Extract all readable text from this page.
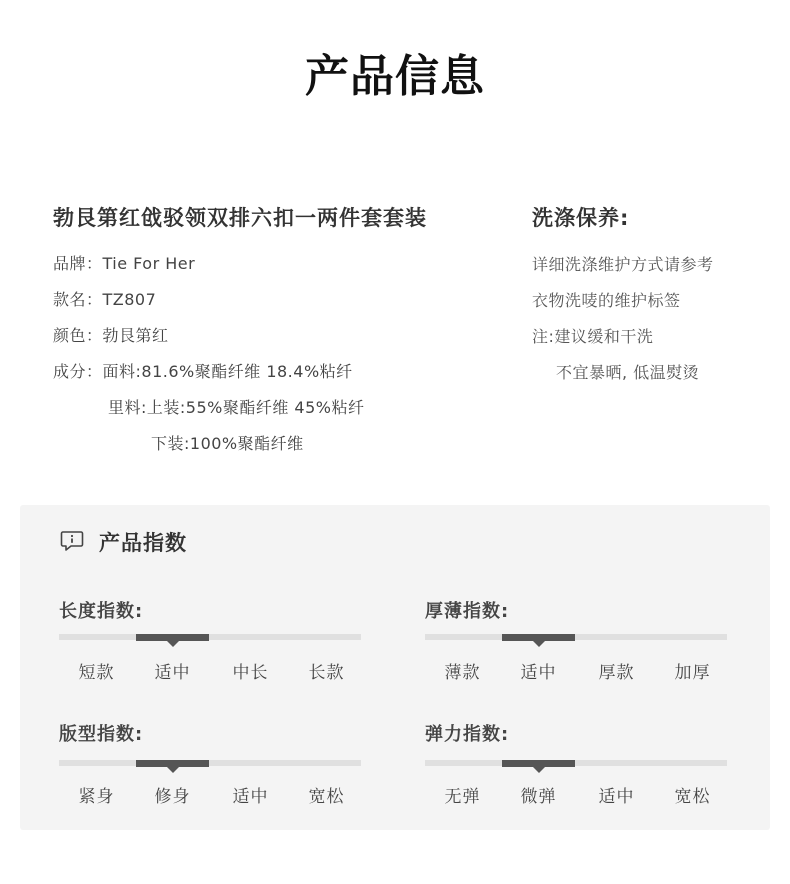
产品信息
勃艮第红戗驳领双排六扣一两件套套装
品牌：Tie For Her
款名：TZ807
颜色：勃艮第红
成分：面料:81.6%聚酯纤维 18.4%粘纤
里料:上装:55%聚酯纤维 45%粘纤
下装:100%聚酯纤维
洗涤保养:
详细洗涤维护方式请参考
衣物洗唛的维护标签
注:建议缓和干洗
不宜暴晒, 低温熨烫
产品指数
长度指数:
短款	适中	中长	长款
厚薄指数:
薄款	适中	厚款	加厚
版型指数:
紧身	修身	适中	宽松
弹力指数:
无弹	微弹	适中	宽松
